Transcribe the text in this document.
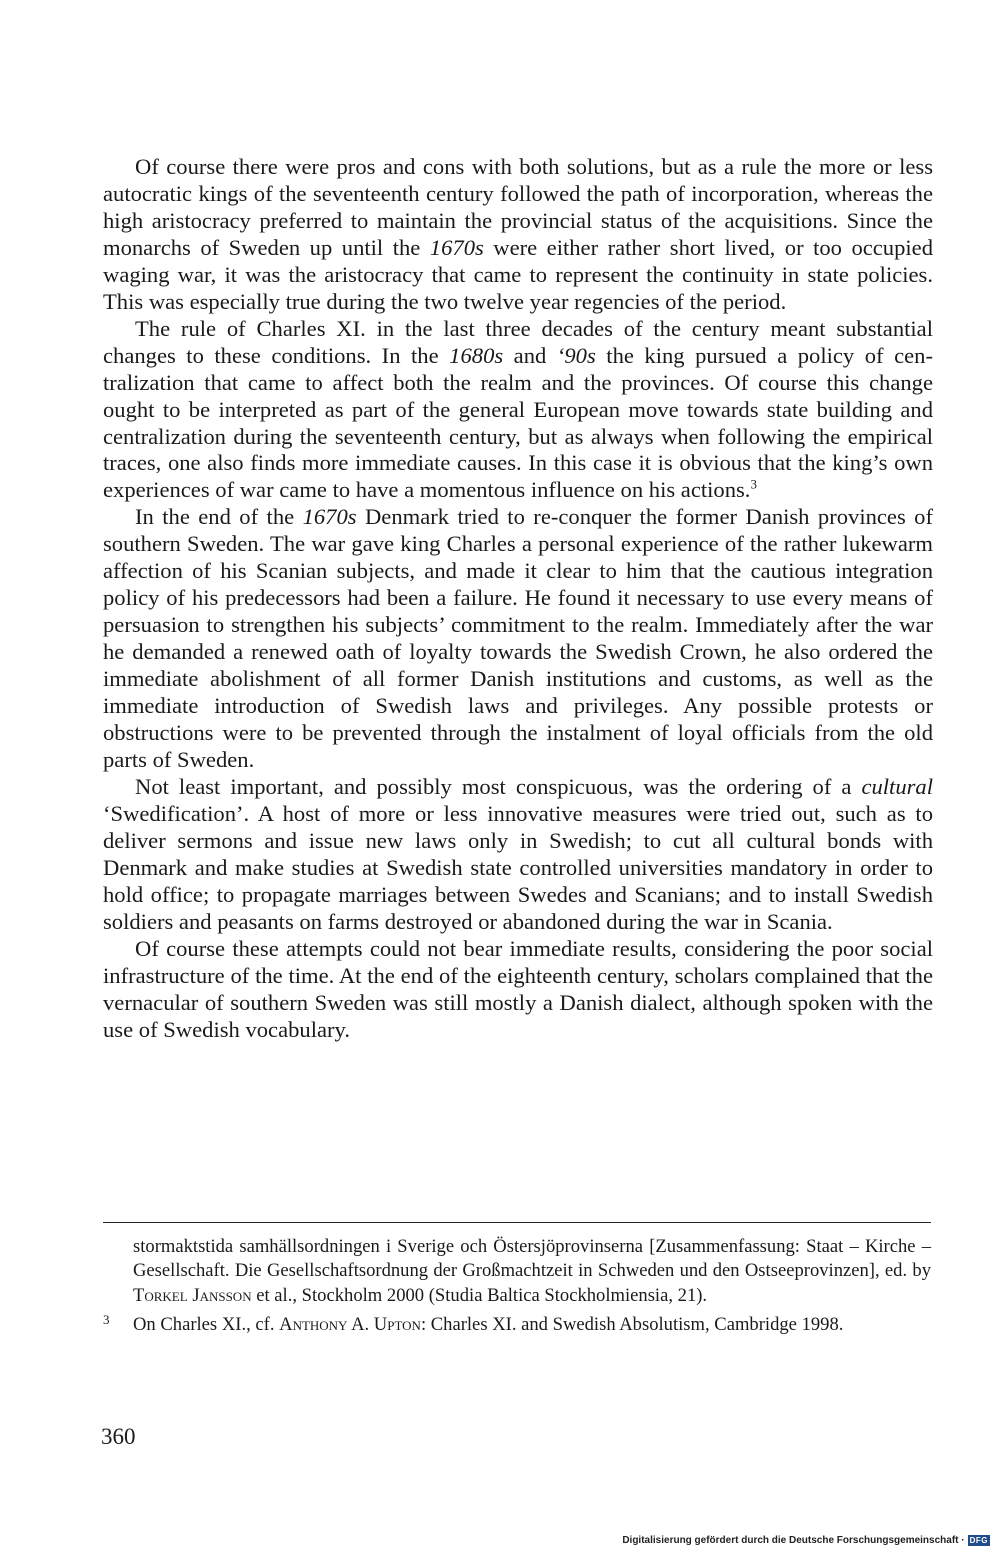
Of course there were pros and cons with both solutions, but as a rule the more or less autocratic kings of the seventeenth century followed the path of incorporation, whereas the high aristocracy preferred to maintain the provincial status of the acquisitions. Since the monarchs of Sweden up until the 1670s were either rather short lived, or too occupied waging war, it was the aristocracy that came to represent the continuity in state policies. This was especially true during the two twelve year regencies of the period.

The rule of Charles XI. in the last three decades of the century meant substantial changes to these conditions. In the 1680s and ‘90s the king pursued a policy of centralization that came to affect both the realm and the provinces. Of course this change ought to be interpreted as part of the general European move towards state building and centralization during the seventeenth century, but as always when following the empirical traces, one also finds more immediate causes. In this case it is obvious that the king’s own experiences of war came to have a momentous influence on his actions.$^3$

In the end of the 1670s Denmark tried to re-conquer the former Danish provinces of southern Sweden. The war gave king Charles a personal experience of the rather lukewarm affection of his Scanian subjects, and made it clear to him that the cautious integration policy of his predecessors had been a failure. He found it necessary to use every means of persuasion to strengthen his subjects’ commitment to the realm. Immediately after the war he demanded a renewed oath of loyalty towards the Swedish Crown, he also ordered the immediate abolishment of all former Danish institutions and customs, as well as the immediate introduction of Swedish laws and privileges. Any possible protests or obstructions were to be prevented through the instalment of loyal officials from the old parts of Sweden.

Not least important, and possibly most conspicuous, was the ordering of a cultural ‘Swedification’. A host of more or less innovative measures were tried out, such as to deliver sermons and issue new laws only in Swedish; to cut all cultural bonds with Denmark and make studies at Swedish state controlled universities mandatory in order to hold office; to propagate marriages between Swedes and Scanians; and to install Swedish soldiers and peasants on farms destroyed or abandoned during the war in Scania.

Of course these attempts could not bear immediate results, considering the poor social infrastructure of the time. At the end of the eighteenth century, scholars complained that the vernacular of southern Sweden was still mostly a Danish dialect, although spoken with the use of Swedish vocabulary.

stormaktstida samhällsordningen i Sverige och Östersjöprovinserna [Zusammenfassung: Staat – Kirche – Gesellschaft. Die Gesellschaftsordnung der Großmachtzeit in Schweden und den Ostseeprovinzen], ed. by Torkel Jansson et al., Stockholm 2000 (Studia Baltica Stockholmiensia, 21).
3 On Charles XI., cf. Anthony A. Upton: Charles XI. and Swedish Absolutism, Cambridge 1998.
360
Digitalisierung gefördert durch die Deutsche Forschungsgemeinschaft · DFG
